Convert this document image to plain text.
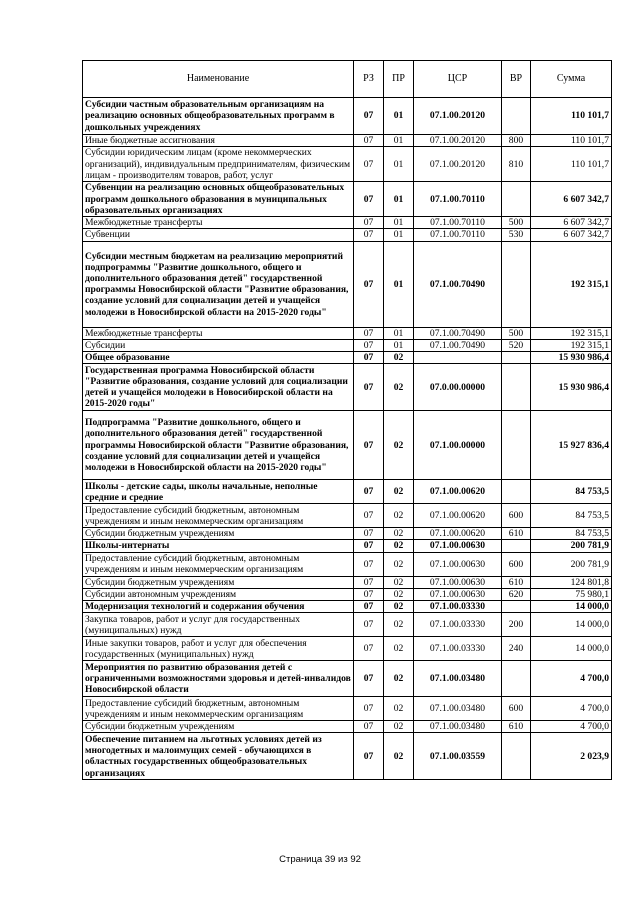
Наименование	РЗ	ПР	ЦСР	ВР	Сумма
Субсидии частным образовательным организациям на реализацию основных общеобразовательных программ в дошкольных учреждениях	07	01	07.1.00.20120		110 101,7
Иные бюджетные ассигнования	07	01	07.1.00.20120	800	110 101,7
Субсидии юридическим лицам (кроме некоммерческих организаций), индивидуальным предпринимателям, физическим лицам - производителям товаров, работ, услуг	07	01	07.1.00.20120	810	110 101,7
Субвенции на реализацию основных общеобразовательных программ дошкольного образования в муниципальных образовательных организациях	07	01	07.1.00.70110		6 607 342,7
Межбюджетные трансферты	07	01	07.1.00.70110	500	6 607 342,7
Субвенции	07	01	07.1.00.70110	530	6 607 342,7
Субсидии местным бюджетам на реализацию мероприятий подпрограммы "Развитие дошкольного, общего и дополнительного образования детей" государственной программы Новосибирской области "Развитие образования, создание условий для социализации детей и учащейся молодежи в Новосибирской области на 2015-2020 годы"	07	01	07.1.00.70490		192 315,1
Межбюджетные трансферты	07	01	07.1.00.70490	500	192 315,1
Субсидии	07	01	07.1.00.70490	520	192 315,1
Общее образование	07	02			15 930 986,4
Государственная программа Новосибирской области "Развитие образования, создание условий для социализации детей и учащейся молодежи в Новосибирской области на 2015-2020 годы"	07	02	07.0.00.00000		15 930 986,4
Подпрограмма "Развитие дошкольного, общего и дополнительного образования детей" государственной программы Новосибирской области "Развитие образования, создание условий для социализации детей и учащейся молодежи в Новосибирской области на 2015-2020 годы"	07	02	07.1.00.00000		15 927 836,4
Школы - детские сады, школы начальные, неполные средние и средние	07	02	07.1.00.00620		84 753,5
Предоставление субсидий бюджетным, автономным учреждениям и иным некоммерческим организациям	07	02	07.1.00.00620	600	84 753,5
Субсидии бюджетным учреждениям	07	02	07.1.00.00620	610	84 753,5
Школы-интернаты	07	02	07.1.00.00630		200 781,9
Предоставление субсидий бюджетным, автономным учреждениям и иным некоммерческим организациям	07	02	07.1.00.00630	600	200 781,9
Субсидии бюджетным учреждениям	07	02	07.1.00.00630	610	124 801,8
Субсидии автономным учреждениям	07	02	07.1.00.00630	620	75 980,1
Модернизация технологий и содержания обучения	07	02	07.1.00.03330		14 000,0
Закупка товаров, работ и услуг для государственных (муниципальных) нужд	07	02	07.1.00.03330	200	14 000,0
Иные закупки товаров, работ и услуг для обеспечения государственных (муниципальных) нужд	07	02	07.1.00.03330	240	14 000,0
Мероприятия по развитию образования детей с ограниченными возможностями здоровья и детей-инвалидов Новосибирской области	07	02	07.1.00.03480		4 700,0
Предоставление субсидий бюджетным, автономным учреждениям и иным некоммерческим организациям	07	02	07.1.00.03480	600	4 700,0
Субсидии бюджетным учреждениям	07	02	07.1.00.03480	610	4 700,0
Обеспечение питанием на льготных условиях детей из многодетных и малоимущих семей - обучающихся в областных государственных общеобразовательных организациях	07	02	07.1.00.03559		2 023,9
Страница 39 из 92
